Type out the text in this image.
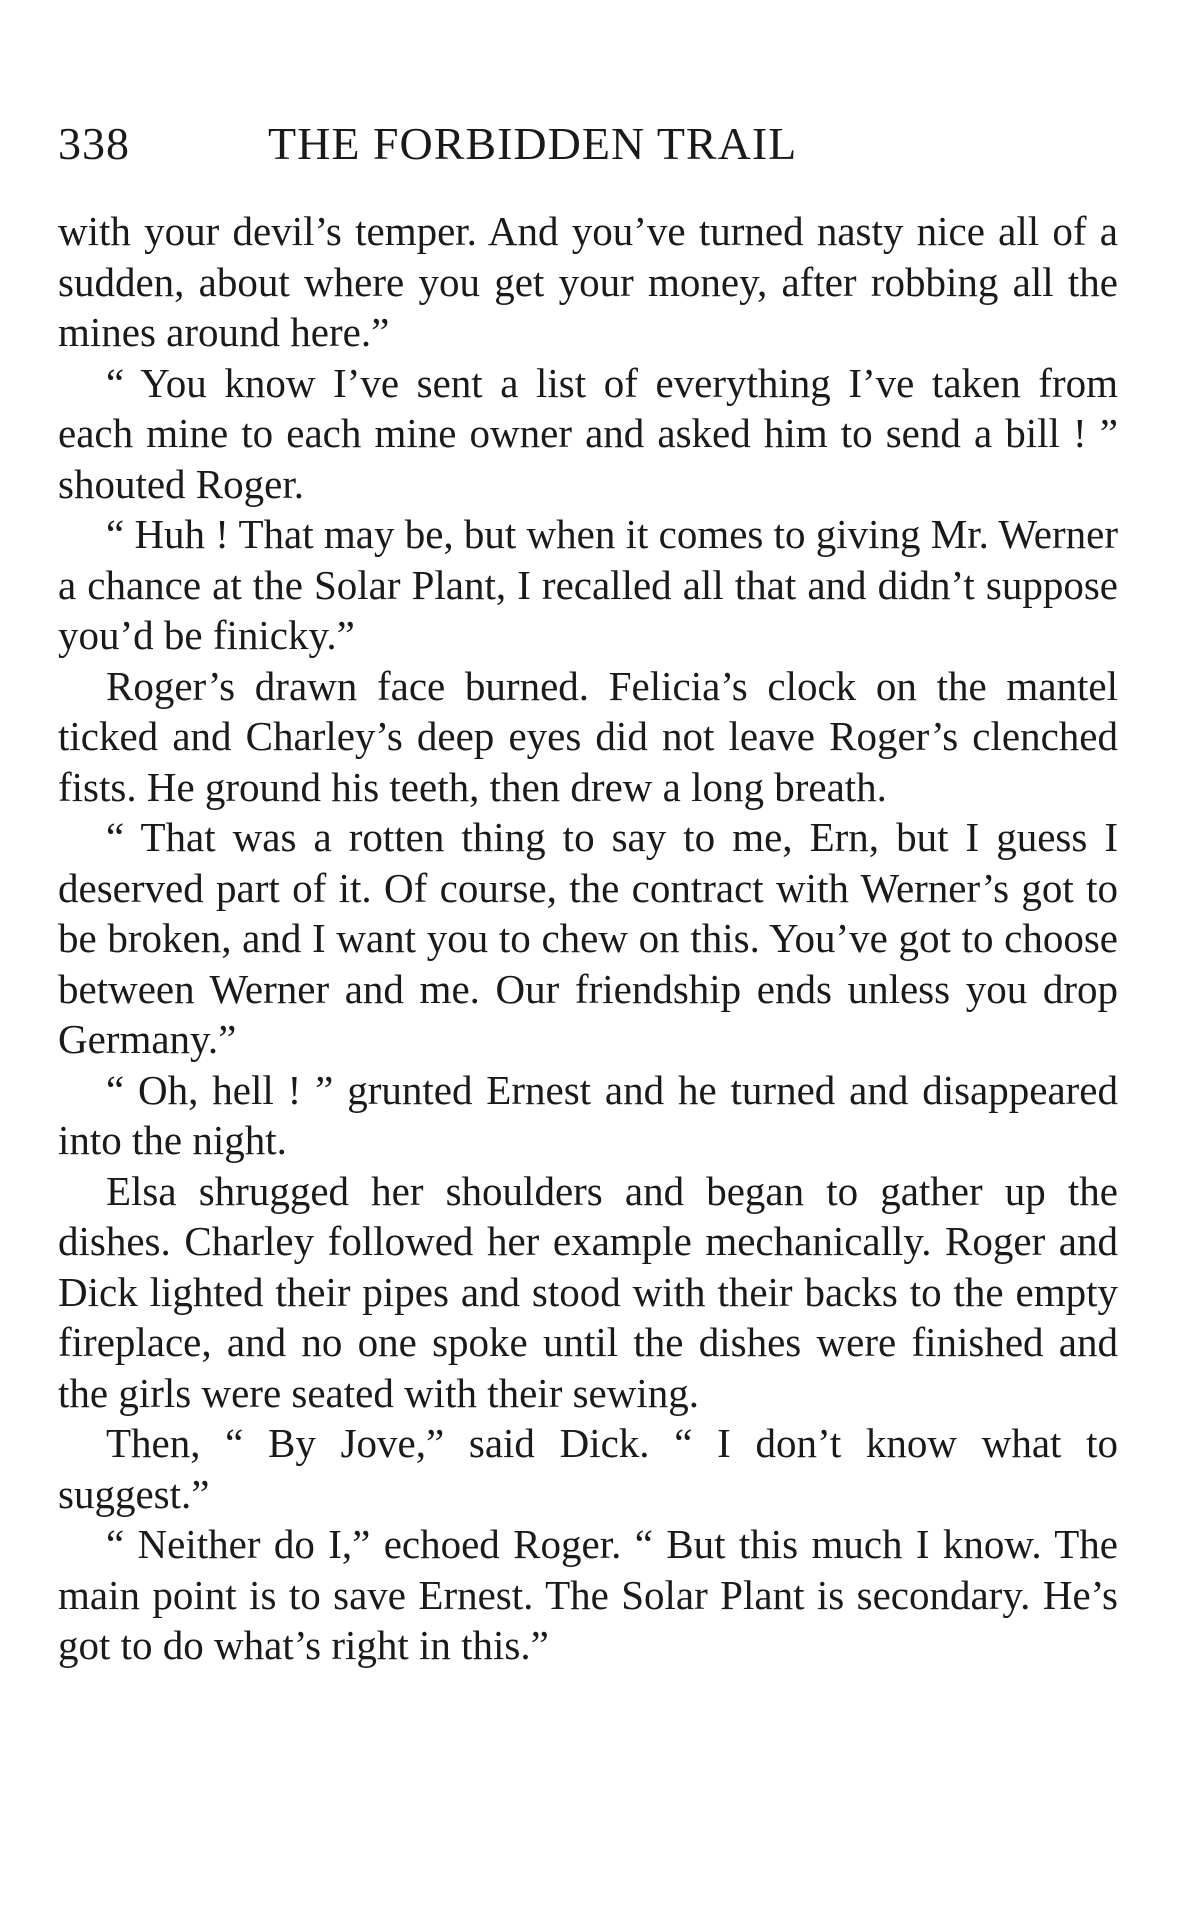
338	THE FORBIDDEN TRAIL

with your devil’s temper. And you’ve turned nasty nice all of a sudden, about where you get your money, after robbing all the mines around here.”

“ You know I’ve sent a list of everything I’ve taken from each mine to each mine owner and asked him to send a bill ! ” shouted Roger.

“ Huh ! That may be, but when it comes to giving Mr. Werner a chance at the Solar Plant, I recalled all that and didn’t suppose you’d be finicky.”

Roger’s drawn face burned. Felicia’s clock on the mantel ticked and Charley’s deep eyes did not leave Roger’s clenched fists. He ground his teeth, then drew a long breath.

“ That was a rotten thing to say to me, Ern, but I guess I deserved part of it. Of course, the contract with Werner’s got to be broken, and I want you to chew on this. You’ve got to choose between Werner and me. Our friendship ends unless you drop Germany.”

“ Oh, hell ! ” grunted Ernest and he turned and disappeared into the night.

Elsa shrugged her shoulders and began to gather up the dishes. Charley followed her example mechanically. Roger and Dick lighted their pipes and stood with their backs to the empty fireplace, and no one spoke until the dishes were finished and the girls were seated with their sewing.

Then, “ By Jove,” said Dick. “ I don’t know what to suggest.”

“ Neither do I,” echoed Roger. “ But this much I know. The main point is to save Ernest. The Solar Plant is secondary. He’s got to do what’s right in this.”
